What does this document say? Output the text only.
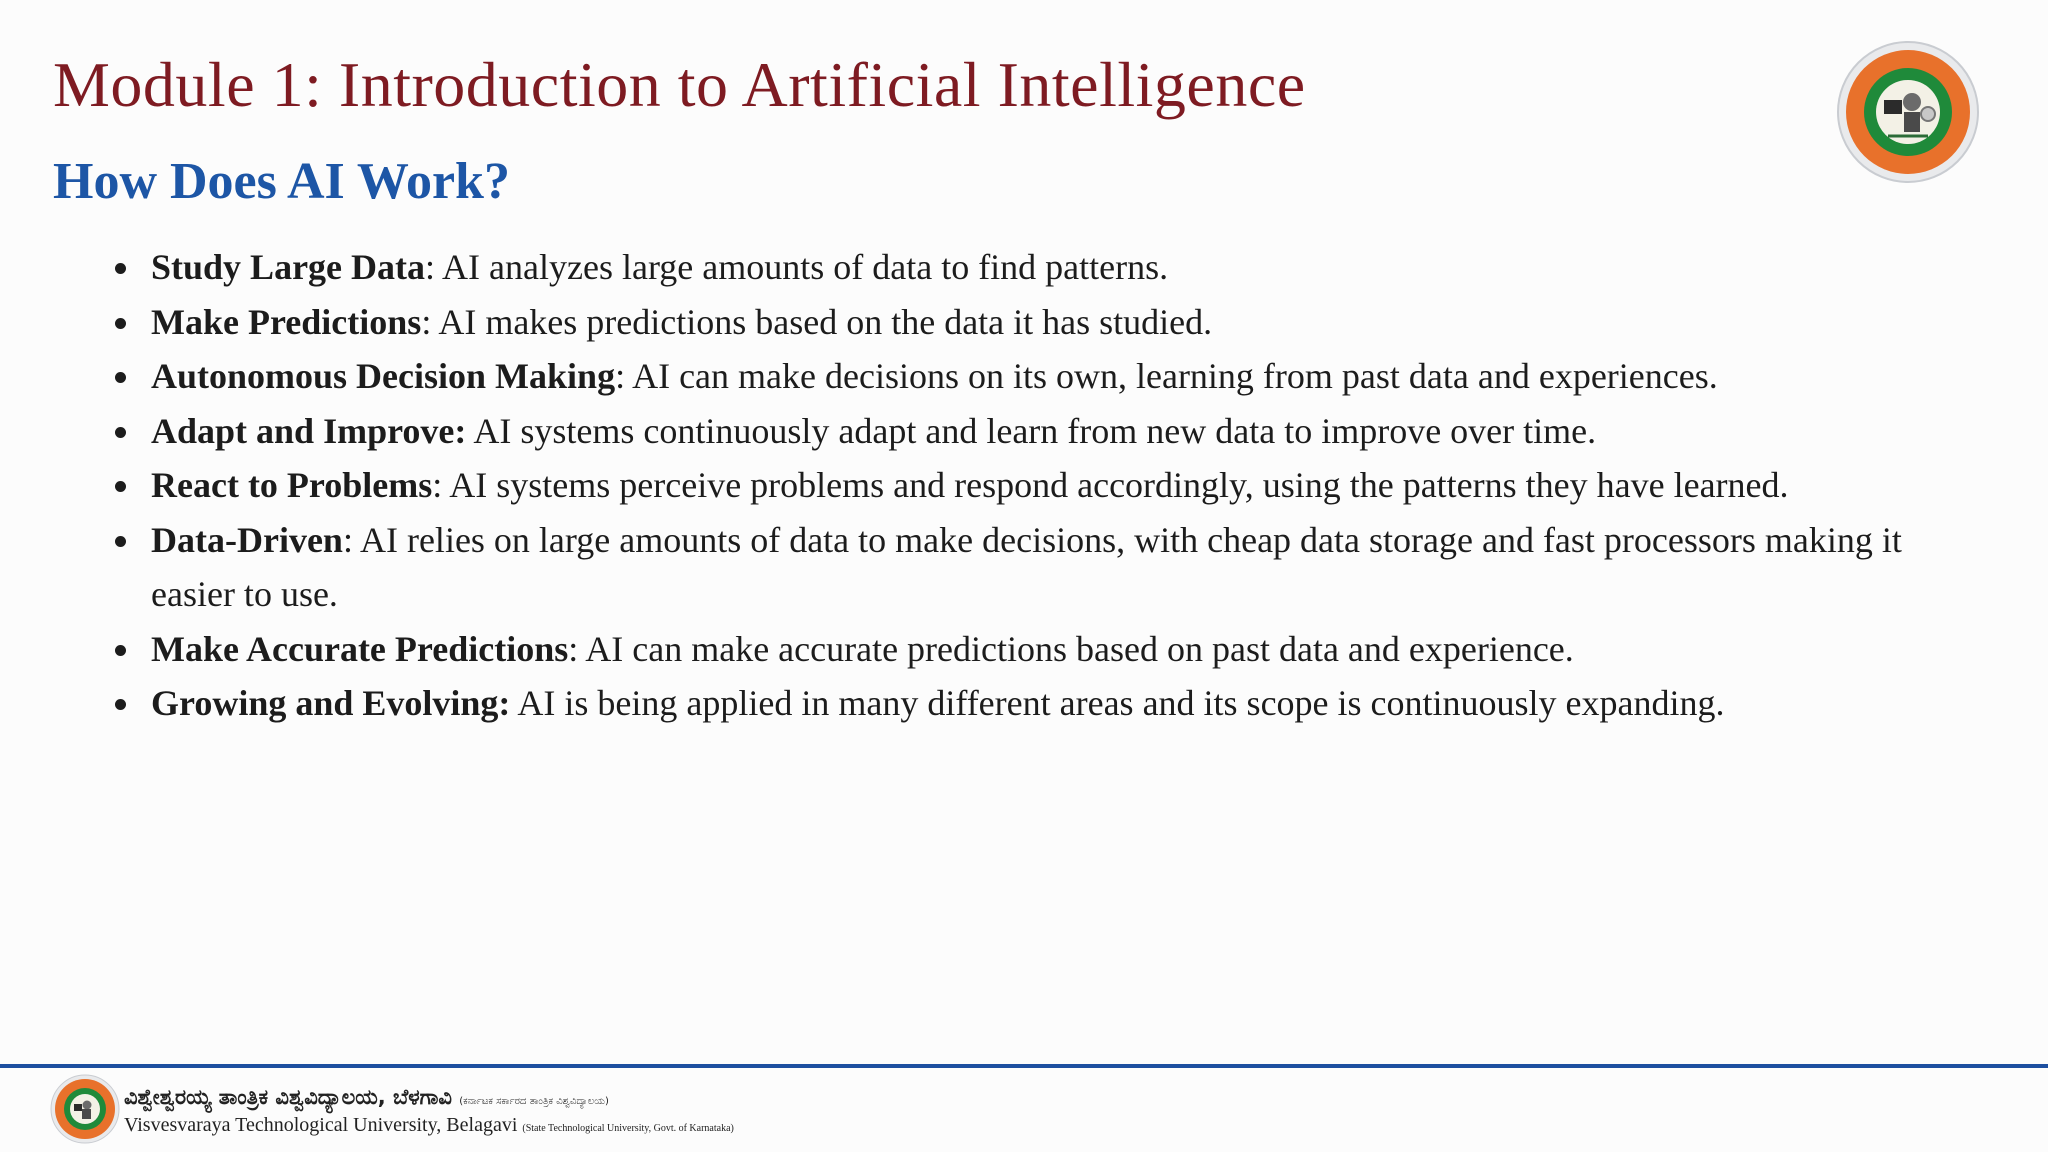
Module 1: Introduction to Artificial Intelligence
How Does AI Work?
Study Large Data: AI analyzes large amounts of data to find patterns.
Make Predictions: AI makes predictions based on the data it has studied.
Autonomous Decision Making: AI can make decisions on its own, learning from past data and experiences.
Adapt and Improve: AI systems continuously adapt and learn from new data to improve over time.
React to Problems: AI systems perceive problems and respond accordingly, using the patterns they have learned.
Data-Driven: AI relies on large amounts of data to make decisions, with cheap data storage and fast processors making it easier to use.
Make Accurate Predictions: AI can make accurate predictions based on past data and experience.
Growing and Evolving: AI is being applied in many different areas and its scope is continuously expanding.
ವಿಶ್ವೇಶ್ವರಯ್ಯ ತಾಂತ್ರಿಕ ವಿಶ್ವವಿದ್ಯಾಲಯ, ಬೆಳಗಾವಿ (ಕರ್ನಾಟಕ ಸರ್ಕಾರದ ತಾಂತ್ರಿಕ ವಿಶ್ವವಿದ್ಯಾಲಯ)
Visvesvaraya Technological University, Belagavi (State Technological University, Govt. of Karnataka)
